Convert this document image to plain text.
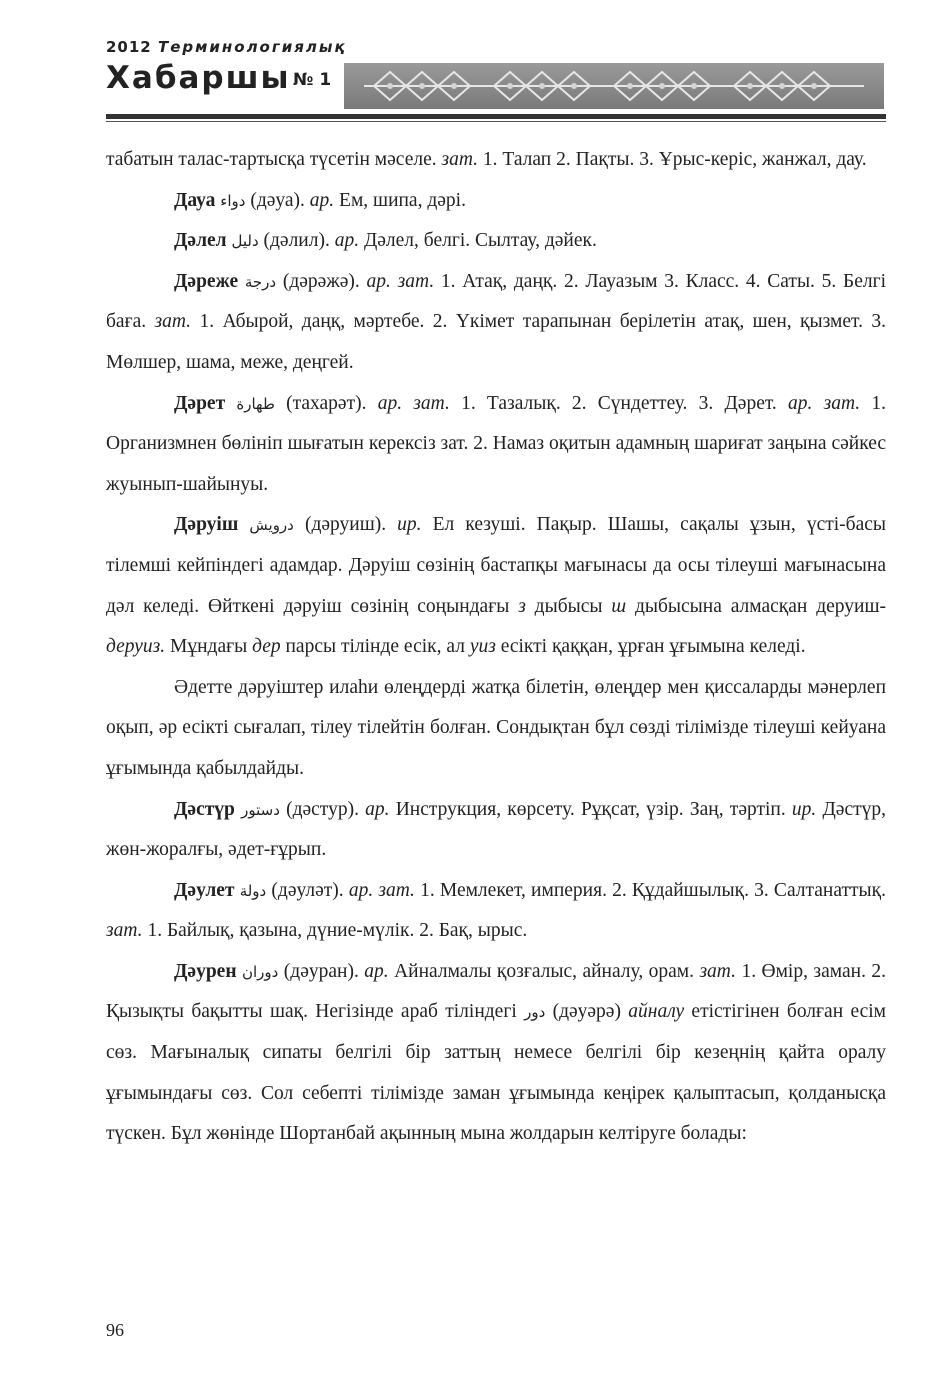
2012 Терминологиялық
Хабаршы № 1

табатын талас-тартысқа түсетін мәселе. зат. 1. Талап 2. Пақты. 3. Ұрыс-керіс, жанжал, дау.

Дауа دواء (дәуа). ар. Ем, шипа, дәрі.

Дәлел دليل (дәлил). ар. Дәлел, белгі. Сылтау, дәйек.

Дәреже درجة (дәрәжә). ар. зат. 1. Атақ, даңқ. 2. Лауазым 3. Класс. 4. Саты. 5. Белгі баға. зат. 1. Абырой, даңқ, мәртебе. 2. Үкімет тарапынан берілетін атақ, шен, қызмет. 3. Мөлшер, шама, меже, деңгей.

Дәрет طهارة (тахарәт). ар. зат. 1. Тазалық. 2. Сүндеттеу. 3. Дәрет. ар. зат. 1. Организмнен бөлініп шығатын керексіз зат. 2. Намаз оқитын адамның шариғат заңына сәйкес жуынып-шайынуы.

Дәруіш درويش (дәруиш). ир. Ел кезуші. Пақыр. Шашы, сақалы ұзын, үсті-басы тілемші кейпіндегі адамдар. Дәруіш сөзінің бастапқы мағынасы да осы тілеуші мағынасына дәл келеді. Өйткені дәруіш сөзінің соңындағы з дыбысы ш дыбысына алмасқан деруиш-деруиз. Мұндағы дер парсы тілінде есік, ал уиз есікті қаққан, ұрған ұғымына келеді.

Әдетте дәруіштер илаһи өлеңдерді жатқа білетін, өлеңдер мен қиссаларды мәнерлеп оқып, әр есікті сығалап, тілеу тілейтін болған. Сондықтан бұл сөзді тілімізде тілеуші кейуана ұғымында қабылдайды.

Дәстүр دستور (дәстур). ар. Инструкция, көрсету. Рұқсат, үзір. Заң, тәртіп. ир. Дәстүр, жөн-жоралғы, әдет-ғұрып.

Дәулет دولة (дәуләт). ар. зат. 1. Мемлекет, империя. 2. Құдайшылық. 3. Салтанаттық. зат. 1. Байлық, қазына, дүние-мүлік. 2. Бақ, ырыс.

Дәурен دوران (дәуран). ар. Айналмалы қозғалыс, айналу, орам. зат. 1. Өмір, заман. 2. Қызықты бақытты шақ. Негізінде араб тіліндегі دور (дәуәрә) айналу етістігінен болған есім сөз. Мағыналық сипаты белгілі бір заттың немесе белгілі бір кезеңнің қайта оралу ұғымындағы сөз. Сол себепті тілімізде заман ұғымында кеңірек қалыптасып, қолданысқа түскен. Бұл жөнінде Шортанбай ақынның мына жолдарын келтіруге болады:

96
